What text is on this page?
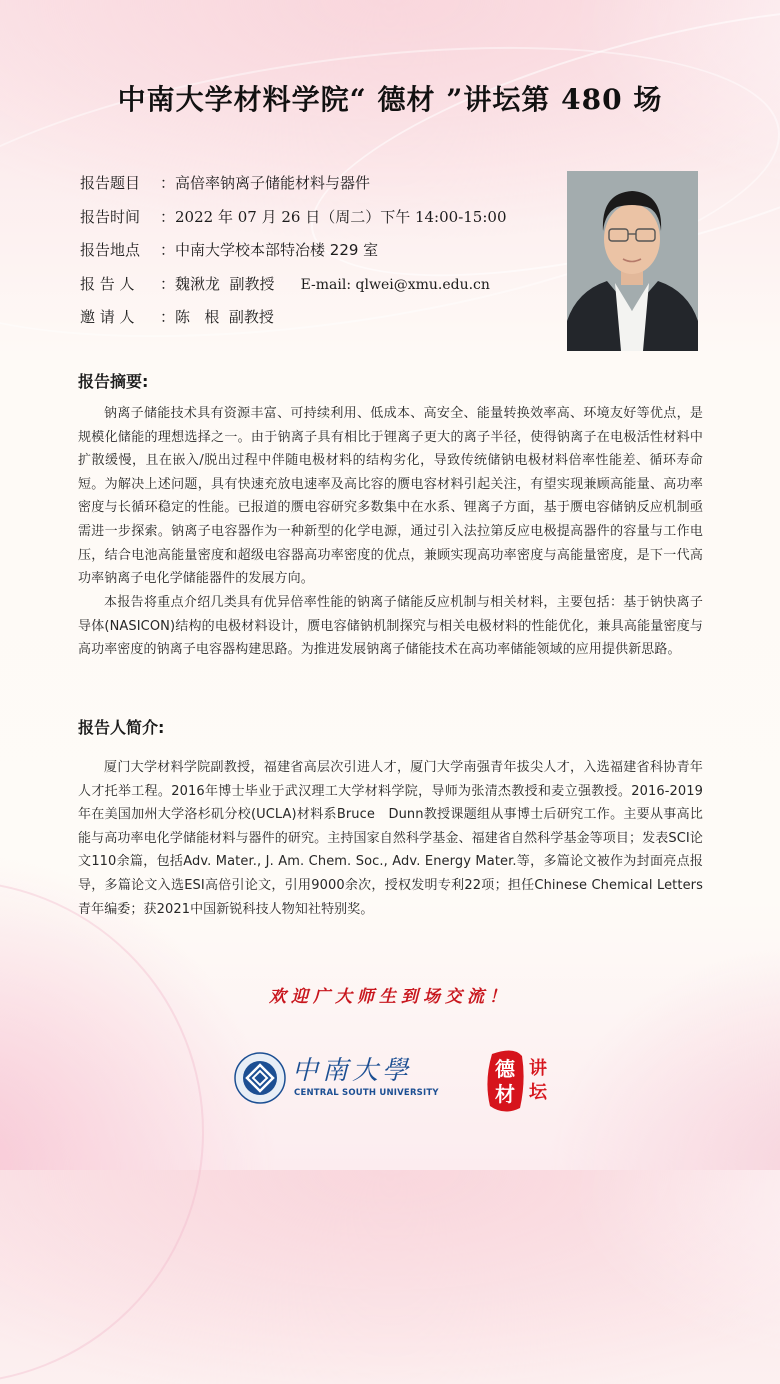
中南大学材料学院“ 德材 ”讲坛第 480 场
报告题目 ：高倍率钠离子储能材料与器件
报告时间 ：2022 年 07 月 26 日（周二）下午 14:00-15:00
报告地点 ：中南大学校本部特冶楼 229 室
报 告 人 ：魏湫龙  副教授 E-mail: qlwei@xmu.edu.cn
邀 请 人 ：陈   根  副教授
报告摘要:
钠离子储能技术具有资源丰富、可持续利用、低成本、高安全、能量转换效率高、环境友好等优点，是规模化储能的理想选择之一。由于钠离子具有相比于锂离子更大的离子半径，使得钠离子在电极活性材料中扩散缓慢，且在嵌入/脱出过程中伴随电极材料的结构劣化，导致传统储钠电极材料倍率性能差、循环寿命短。为解决上述问题，具有快速充放电速率及高比容的赝电容材料引起关注，有望实现兼顾高能量、高功率密度与长循环稳定的性能。已报道的赝电容研究多数集中在水系、锂离子方面，基于赝电容储钠反应机制亟需进一步探索。钠离子电容器作为一种新型的化学电源，通过引入法拉第反应电极提高器件的容量与工作电压，结合电池高能量密度和超级电容器高功率密度的优点，兼顾实现高功率密度与高能量密度，是下一代高功率钠离子电化学储能器件的发展方向。
本报告将重点介绍几类具有优异倍率性能的钠离子储能反应机制与相关材料，主要包括：基于钠快离子导体(NASICON)结构的电极材料设计，赝电容储钠机制探究与相关电极材料的性能优化，兼具高能量密度与高功率密度的钠离子电容器构建思路。为推进发展钠离子储能技术在高功率储能领域的应用提供新思路。
报告人简介:
厦门大学材料学院副教授，福建省高层次引进人才，厦门大学南强青年拔尖人才，入选福建省科协青年人才托举工程。2016年博士毕业于武汉理工大学材料学院，导师为张清杰教授和麦立强教授。2016-2019年在美国加州大学洛杉矶分校(UCLA)材料系Bruce　Dunn教授课题组从事博士后研究工作。主要从事高比能与高功率电化学储能材料与器件的研究。主持国家自然科学基金、福建省自然科学基金等项目；发表SCI论文110余篇，包括Adv. Mater., J. Am. Chem. Soc., Adv. Energy Mater.等，多篇论文被作为封面亮点报导，多篇论文入选ESI高倍引论文，引用9000余次，授权发明专利22项；担任Chinese Chemical Letters青年编委；获2021中国新锐科技人物知社特别奖。
欢迎广大师生到场交流！
中南大學
CENTRAL SOUTH UNIVERSITY
德
材
讲
坛
